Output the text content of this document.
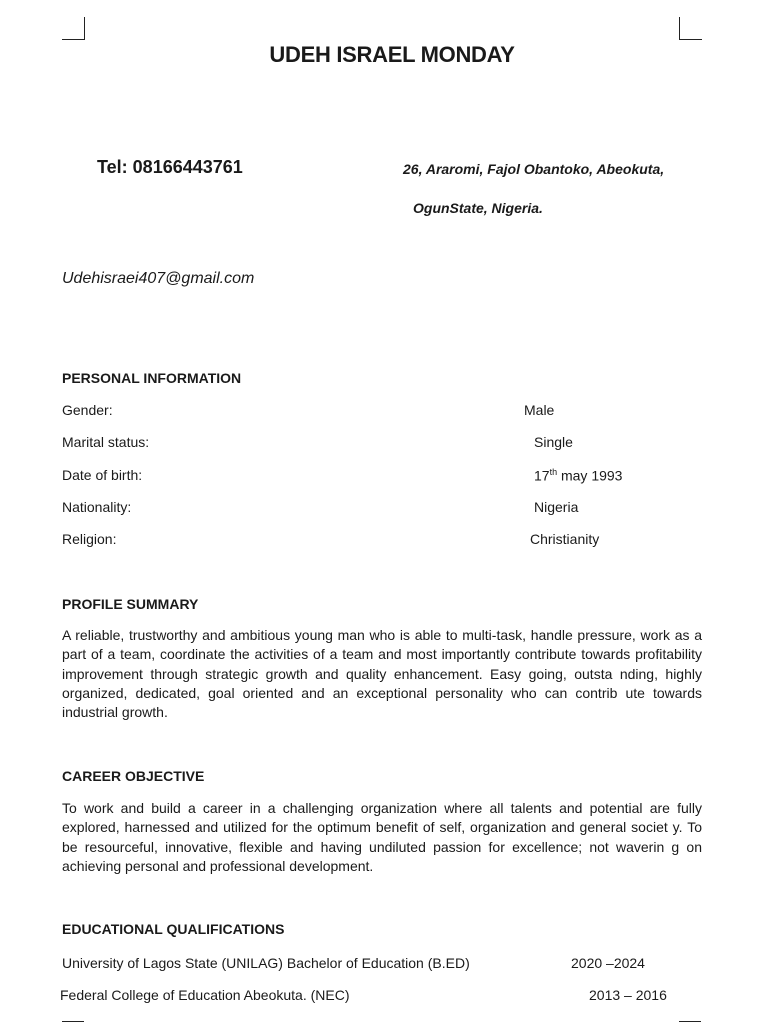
UDEH ISRAEL MONDAY
Tel: 08166443761	26, Araromi, Fajol Obantoko, Abeokuta,
OgunState, Nigeria.
Udehisraei407@gmail.com
PERSONAL INFORMATION
Gender:	Male
Marital status:	Single
Date of birth:	17th may 1993
Nationality:	Nigeria
Religion:	Christianity
PROFILE SUMMARY
A reliable, trustworthy and ambitious young man who is able to multi-task, handle pressure, work as a part of a team, coordinate the activities of a team and most importantly contribute towards profitability improvement through strategic growth and quality enhancement. Easy going, outsta nding, highly organized, dedicated, goal oriented and an exceptional personality who can contrib ute towards industrial growth.
CAREER OBJECTIVE
To work and build a career in a challenging organization where all talents and potential are fully explored, harnessed and utilized for the optimum benefit of self, organization and general societ y. To be resourceful, innovative, flexible and having undiluted passion for excellence; not waverin g on achieving personal and professional development.
EDUCATIONAL QUALIFICATIONS
University of Lagos State (UNILAG) Bachelor of Education (B.ED)	2020 –2024
Federal College of Education Abeokuta. (NEC)	2013 – 2016
